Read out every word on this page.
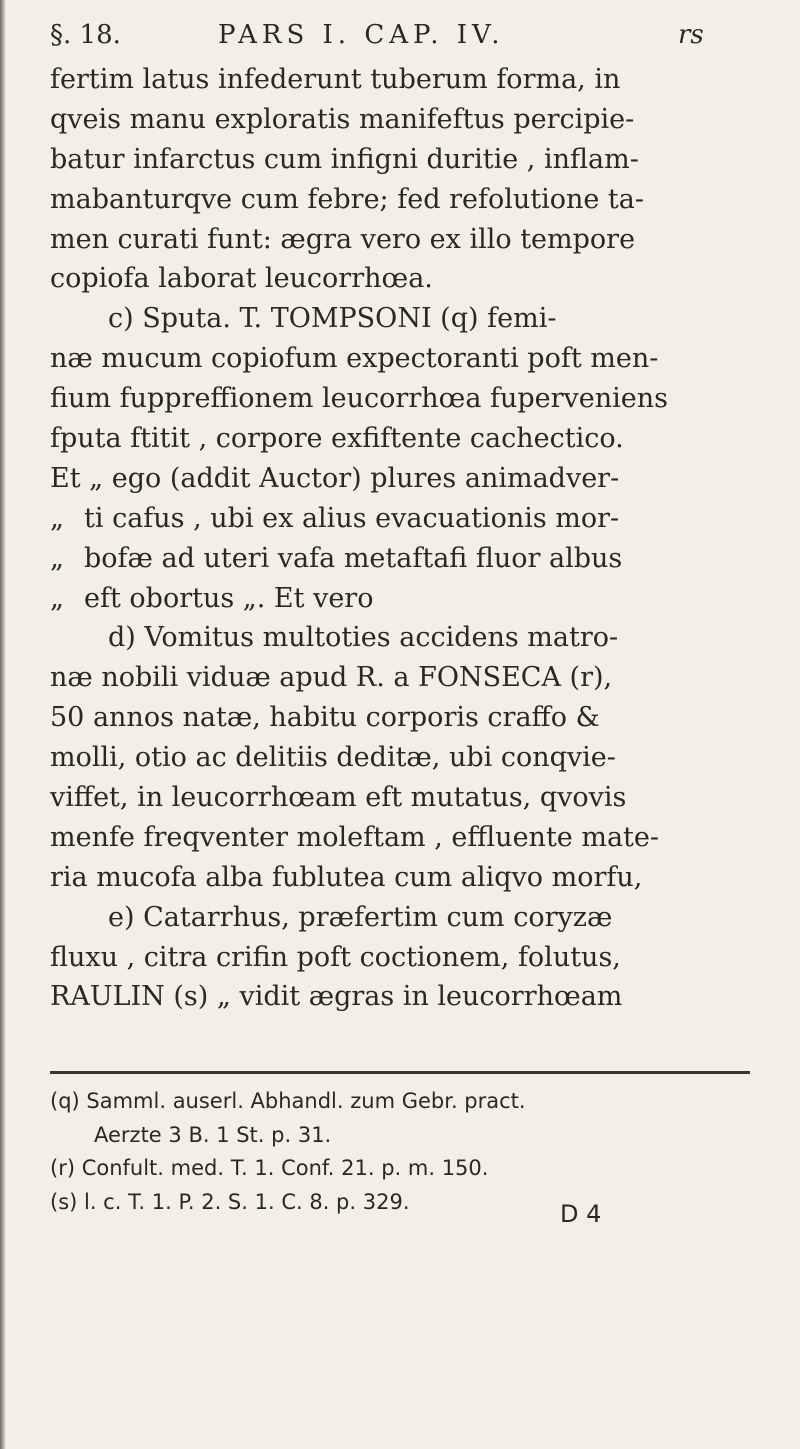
§. 18.	PARS I. CAP. IV.	rs
fertim latus infederunt tuberum forma, in
qveis manu exploratis manifeftus percipie-
batur infarctus cum infigni duritie , inflam-
mabanturqve cum febre; fed refolutione ta-
men curati funt: ægra vero ex illo tempore
copiofa laborat leucorrhœa.
c) Sputa. T. TOMPSONI (q) femi-
næ mucum copiofum expectoranti poft men-
fium fuppreffionem leucorrhœa fuperveniens
fputa ftitit , corpore exfiftente cachectico.
Et „ ego (addit Auctor) plures animadver-
„ ti cafus , ubi ex alius evacuationis mor-
„ bofæ ad uteri vafa metaftafi fluor albus
„ eft obortus „. Et vero
d) Vomitus multoties accidens matro-
næ nobili viduæ apud R. a FONSECA (r),
50 annos natæ, habitu corporis craffo &
molli, otio ac delitiis deditæ, ubi conqvie-
viffet, in leucorrhœam eft mutatus, qvovis
menfe freqventer moleftam , effluente mate-
ria mucofa alba fublutea cum aliqvo morfu,
e) Catarrhus, præfertim cum coryzæ
fluxu , citra crifin poft coctionem, folutus,
RAULIN (s) „ vidit ægras in leucorrhœam
(q) Samml. auserl. Abhandl. zum Gebr. pract.
Aerzte 3 B. 1 St. p. 31.
(r) Confult. med. T. 1. Conf. 21. p. m. 150.
(s) l. c. T. 1. P. 2. S. 1. C. 8. p. 329.	D 4
